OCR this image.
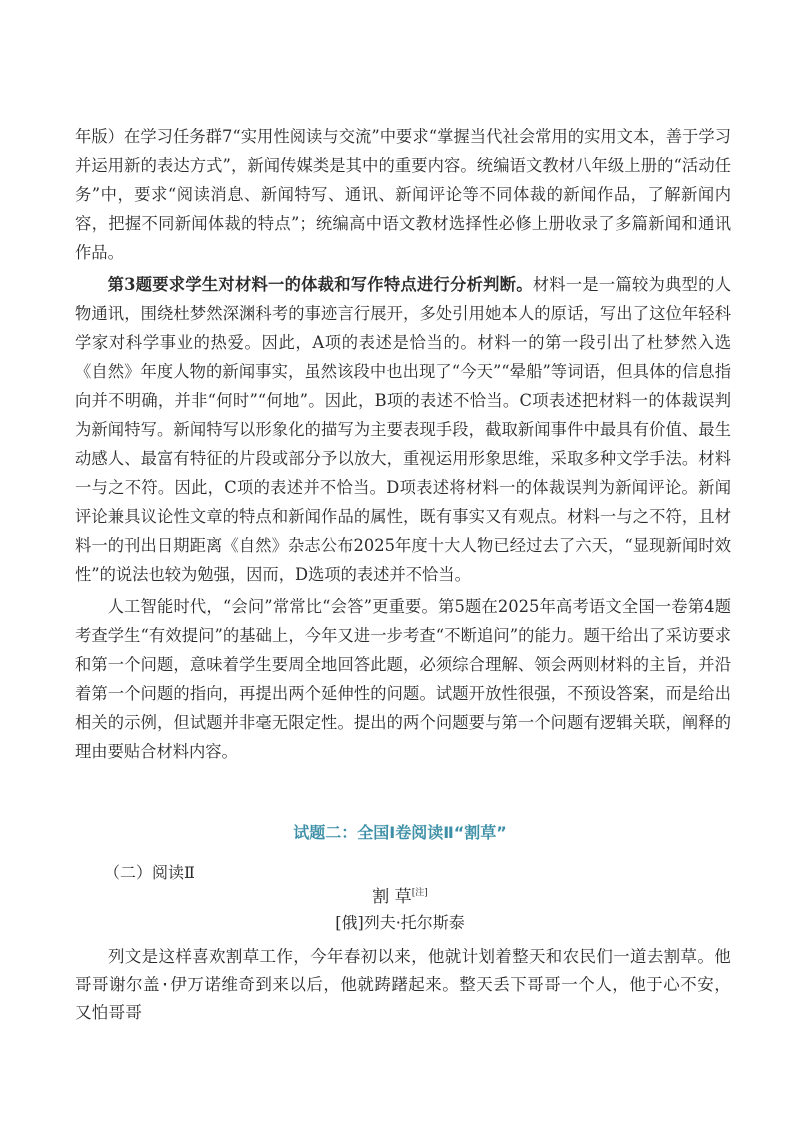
年版）在学习任务群7“实用性阅读与交流”中要求“掌握当代社会常用的实用文本，善于学习并运用新的表达方式”，新闻传媒类是其中的重要内容。统编语文教材八年级上册的“活动任务”中，要求“阅读消息、新闻特写、通讯、新闻评论等不同体裁的新闻作品，了解新闻内容，把握不同新闻体裁的特点”；统编高中语文教材选择性必修上册收录了多篇新闻和通讯作品。

第3题要求学生对材料一的体裁和写作特点进行分析判断。材料一是一篇较为典型的人物通讯，围绕杜梦然深渊科考的事迹言行展开，多处引用她本人的原话，写出了这位年轻科学家对科学事业的热爱。因此，A项的表述是恰当的。材料一的第一段引出了杜梦然入选《自然》年度人物的新闻事实，虽然该段中也出现了“今天”“晕船”等词语，但具体的信息指向并不明确，并非“何时”“何地”。因此，B项的表述不恰当。C项表述把材料一的体裁误判为新闻特写。新闻特写以形象化的描写为主要表现手段，截取新闻事件中最具有价值、最生动感人、最富有特征的片段或部分予以放大，重视运用形象思维，采取多种文学手法。材料一与之不符。因此，C项的表述并不恰当。D项表述将材料一的体裁误判为新闻评论。新闻评论兼具议论性文章的特点和新闻作品的属性，既有事实又有观点。材料一与之不符，且材料一的刊出日期距离《自然》杂志公布2025年度十大人物已经过去了六天，“显现新闻时效性”的说法也较为勉强，因而，D选项的表述并不恰当。

人工智能时代，“会问”常常比“会答”更重要。第5题在2025年高考语文全国一卷第4题考查学生“有效提问”的基础上，今年又进一步考查“不断追问”的能力。题干给出了采访要求和第一个问题，意味着学生要周全地回答此题，必须综合理解、领会两则材料的主旨，并沿着第一个问题的指向，再提出两个延伸性的问题。试题开放性很强，不预设答案，而是给出相关的示例，但试题并非毫无限定性。提出的两个问题要与第一个问题有逻辑关联，阐释的理由要贴合材料内容。

试题二：全国Ⅰ卷阅读Ⅱ“割草”
（二）阅读Ⅱ
割 草[注]
[俄]列夫·托尔斯泰
列文是这样喜欢割草工作，今年春初以来，他就计划着整天和农民们一道去割草。他哥哥谢尔盖·伊万诺维奇到来以后，他就踌躇起来。整天丢下哥哥一个人，他于心不安，又怕哥哥
